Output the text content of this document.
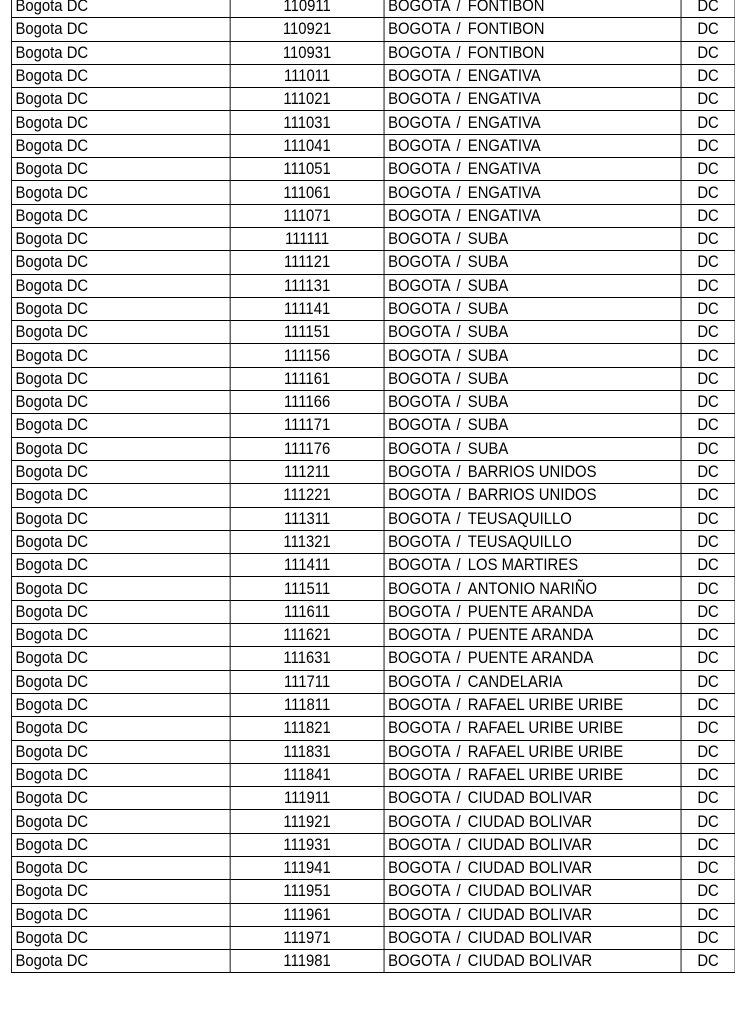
Bogota DC	110911	BOGOTA / FONTIBON	DC
Bogota DC	110921	BOGOTA / FONTIBON	DC
Bogota DC	110931	BOGOTA / FONTIBON	DC
Bogota DC	111011	BOGOTA / ENGATIVA	DC
Bogota DC	111021	BOGOTA / ENGATIVA	DC
Bogota DC	111031	BOGOTA / ENGATIVA	DC
Bogota DC	111041	BOGOTA / ENGATIVA	DC
Bogota DC	111051	BOGOTA / ENGATIVA	DC
Bogota DC	111061	BOGOTA / ENGATIVA	DC
Bogota DC	111071	BOGOTA / ENGATIVA	DC
Bogota DC	111111	BOGOTA / SUBA	DC
Bogota DC	111121	BOGOTA / SUBA	DC
Bogota DC	111131	BOGOTA / SUBA	DC
Bogota DC	111141	BOGOTA / SUBA	DC
Bogota DC	111151	BOGOTA / SUBA	DC
Bogota DC	111156	BOGOTA / SUBA	DC
Bogota DC	111161	BOGOTA / SUBA	DC
Bogota DC	111166	BOGOTA / SUBA	DC
Bogota DC	111171	BOGOTA / SUBA	DC
Bogota DC	111176	BOGOTA / SUBA	DC
Bogota DC	111211	BOGOTA / BARRIOS UNIDOS	DC
Bogota DC	111221	BOGOTA / BARRIOS UNIDOS	DC
Bogota DC	111311	BOGOTA / TEUSAQUILLO	DC
Bogota DC	111321	BOGOTA / TEUSAQUILLO	DC
Bogota DC	111411	BOGOTA / LOS MARTIRES	DC
Bogota DC	111511	BOGOTA / ANTONIO NARIÑO	DC
Bogota DC	111611	BOGOTA / PUENTE ARANDA	DC
Bogota DC	111621	BOGOTA / PUENTE ARANDA	DC
Bogota DC	111631	BOGOTA / PUENTE ARANDA	DC
Bogota DC	111711	BOGOTA / CANDELARIA	DC
Bogota DC	111811	BOGOTA / RAFAEL URIBE URIBE	DC
Bogota DC	111821	BOGOTA / RAFAEL URIBE URIBE	DC
Bogota DC	111831	BOGOTA / RAFAEL URIBE URIBE	DC
Bogota DC	111841	BOGOTA / RAFAEL URIBE URIBE	DC
Bogota DC	111911	BOGOTA / CIUDAD BOLIVAR	DC
Bogota DC	111921	BOGOTA / CIUDAD BOLIVAR	DC
Bogota DC	111931	BOGOTA / CIUDAD BOLIVAR	DC
Bogota DC	111941	BOGOTA / CIUDAD BOLIVAR	DC
Bogota DC	111951	BOGOTA / CIUDAD BOLIVAR	DC
Bogota DC	111961	BOGOTA / CIUDAD BOLIVAR	DC
Bogota DC	111971	BOGOTA / CIUDAD BOLIVAR	DC
Bogota DC	111981	BOGOTA / CIUDAD BOLIVAR	DC
